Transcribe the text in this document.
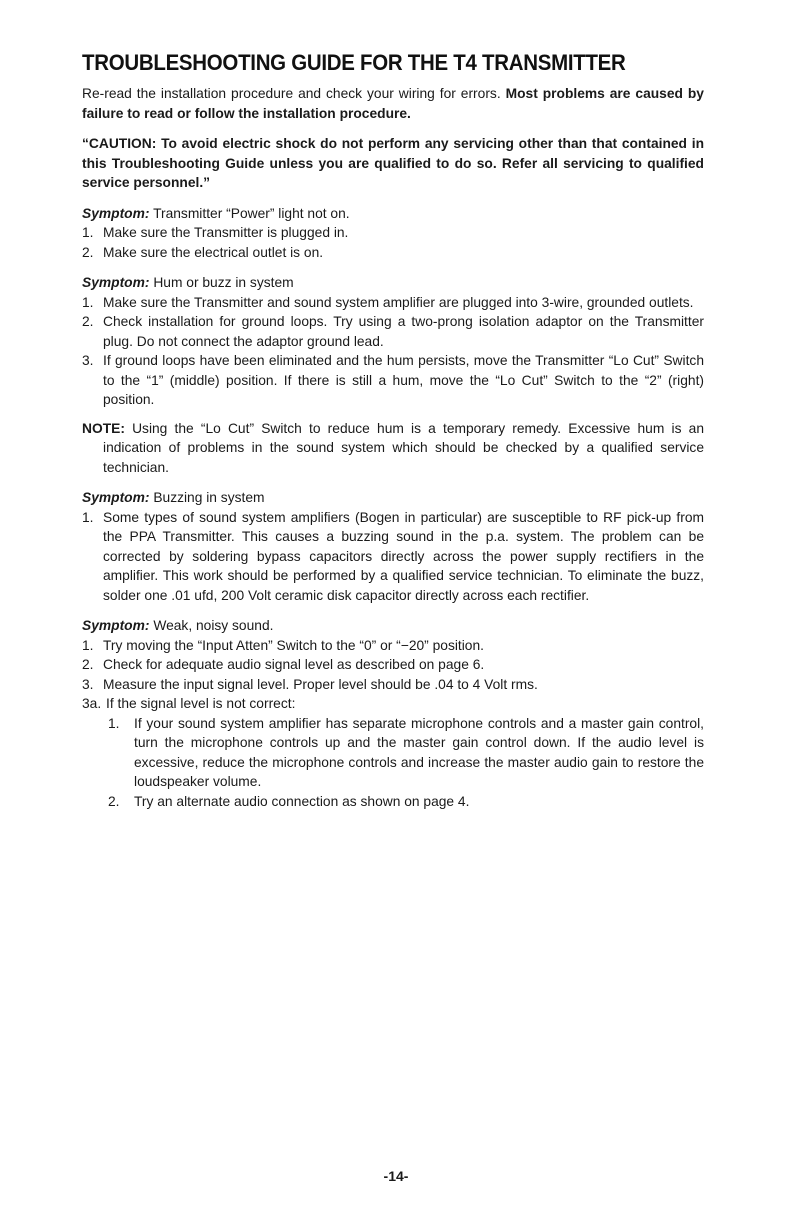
TROUBLESHOOTING GUIDE FOR THE T4 TRANSMITTER

Re-read the installation procedure and check your wiring for errors. Most problems are caused by failure to read or follow the installation procedure.

“CAUTION: To avoid electric shock do not perform any servicing other than that contained in this Troubleshooting Guide unless you are qualified to do so. Refer all servicing to qualified service personnel.”

Symptom: Transmitter “Power” light not on.

1. Make sure the Transmitter is plugged in.
2. Make sure the electrical outlet is on.

Symptom: Hum or buzz in system

1. Make sure the Transmitter and sound system amplifier are plugged into 3-wire, grounded outlets.
2. Check installation for ground loops. Try using a two-prong isolation adaptor on the Transmitter plug. Do not connect the adaptor ground lead.
3. If ground loops have been eliminated and the hum persists, move the Transmitter “Lo Cut” Switch to the “1” (middle) position. If there is still a hum, move the “Lo Cut” Switch to the “2” (right) position.

NOTE: Using the “Lo Cut” Switch to reduce hum is a temporary remedy. Excessive hum is an indication of problems in the sound system which should be checked by a qualified service technician.

Symptom: Buzzing in system

1. Some types of sound system amplifiers (Bogen in particular) are susceptible to RF pick-up from the PPA Transmitter. This causes a buzzing sound in the p.a. system. The problem can be corrected by soldering bypass capacitors directly across the power supply rectifiers in the amplifier. This work should be performed by a qualified service technician. To eliminate the buzz, solder one .01 ufd, 200 Volt ceramic disk capacitor directly across each rectifier.

Symptom: Weak, noisy sound.

1. Try moving the “Input Atten” Switch to the “0” or “−20” position.
2. Check for adequate audio signal level as described on page 6.
3. Measure the input signal level. Proper level should be .04 to 4 Volt rms.
3a. If the signal level is not correct:
1.	If your sound system amplifier has separate microphone controls and a master gain control, turn the microphone controls up and the master gain control down. If the audio level is excessive, reduce the microphone controls and increase the master audio gain to restore the loudspeaker volume.
2.	Try an alternate audio connection as shown on page 4.
-14-
